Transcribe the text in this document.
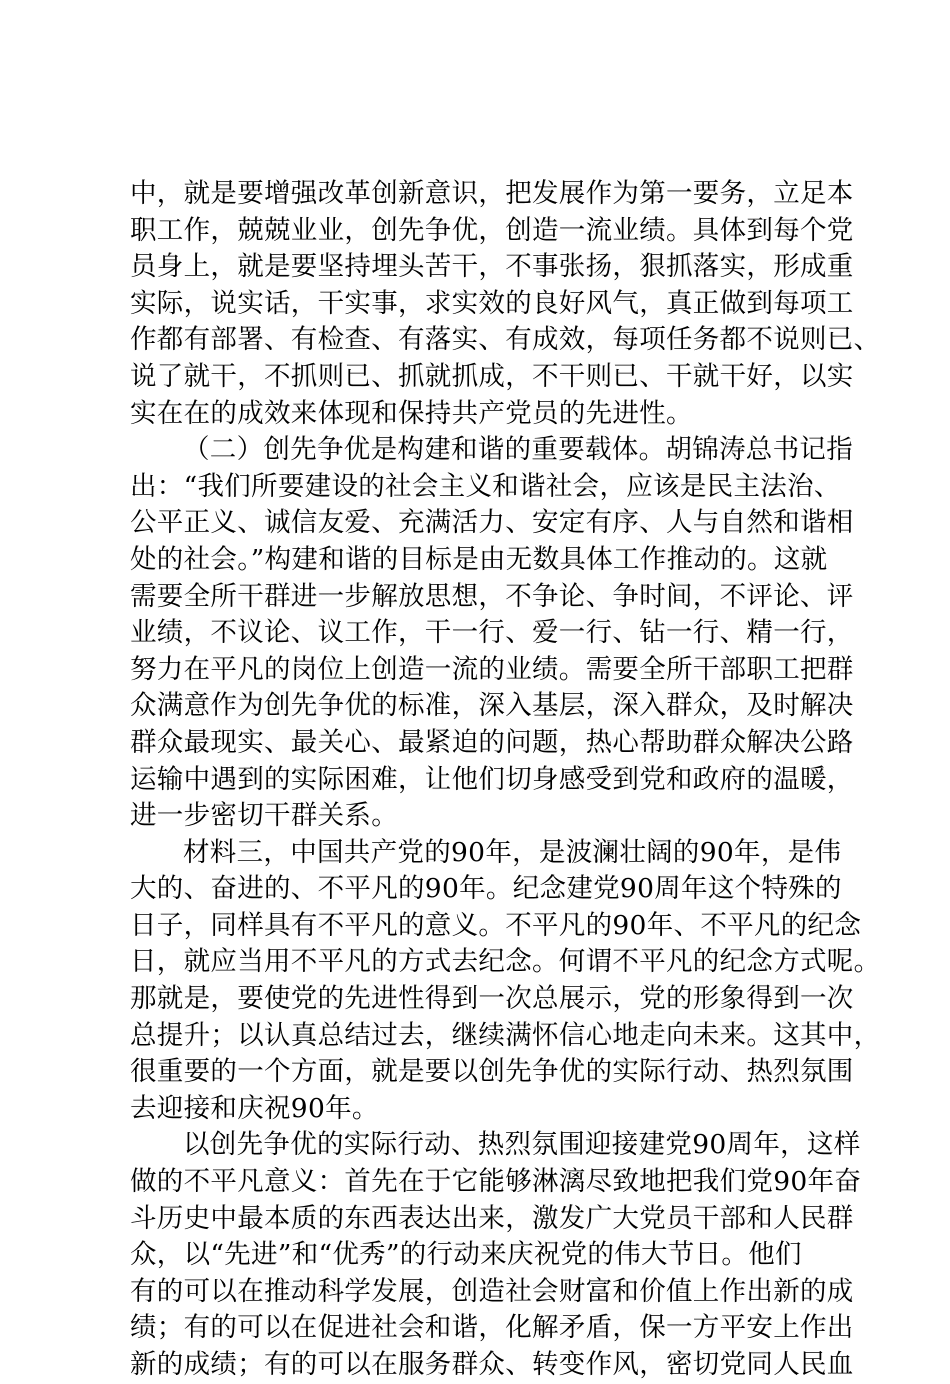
中，就是要增强改革创新意识，把发展作为第一要务，立足本
职工作，兢兢业业，创先争优，创造一流业绩。具体到每个党
员身上，就是要坚持埋头苦干，不事张扬，狠抓落实，形成重
实际，说实话，干实事，求实效的良好风气，真正做到每项工
作都有部署、有检查、有落实、有成效，每项任务都不说则已、
说了就干，不抓则已、抓就抓成，不干则已、干就干好，以实
实在在的成效来体现和保持共产党员的先进性。
（二）创先争优是构建和谐的重要载体。胡锦涛总书记指
出：“我们所要建设的社会主义和谐社会，应该是民主法治、
公平正义、诚信友爱、充满活力、安定有序、人与自然和谐相
处的社会。”构建和谐的目标是由无数具体工作推动的。这就
需要全所干群进一步解放思想，不争论、争时间，不评论、评
业绩，不议论、议工作，干一行、爱一行、钻一行、精一行，
努力在平凡的岗位上创造一流的业绩。需要全所干部职工把群
众满意作为创先争优的标准，深入基层，深入群众，及时解决
群众最现实、最关心、最紧迫的问题，热心帮助群众解决公路
运输中遇到的实际困难，让他们切身感受到党和政府的温暖，
进一步密切干群关系。
材料三，中国共产党的90年，是波澜壮阔的90年，是伟
大的、奋进的、不平凡的90年。纪念建党90周年这个特殊的
日子，同样具有不平凡的意义。不平凡的90年、不平凡的纪念
日，就应当用不平凡的方式去纪念。何谓不平凡的纪念方式呢。
那就是，要使党的先进性得到一次总展示，党的形象得到一次
总提升；以认真总结过去，继续满怀信心地走向未来。这其中，
很重要的一个方面，就是要以创先争优的实际行动、热烈氛围
去迎接和庆祝90年。
以创先争优的实际行动、热烈氛围迎接建党90周年，这样
做的不平凡意义：首先在于它能够淋漓尽致地把我们党90年奋
斗历史中最本质的东西表达出来，激发广大党员干部和人民群
众，以“先进”和“优秀”的行动来庆祝党的伟大节日。他们
有的可以在推动科学发展，创造社会财富和价值上作出新的成
绩；有的可以在促进社会和谐，化解矛盾，保一方平安上作出
新的成绩；有的可以在服务群众、转变作风，密切党同人民血
